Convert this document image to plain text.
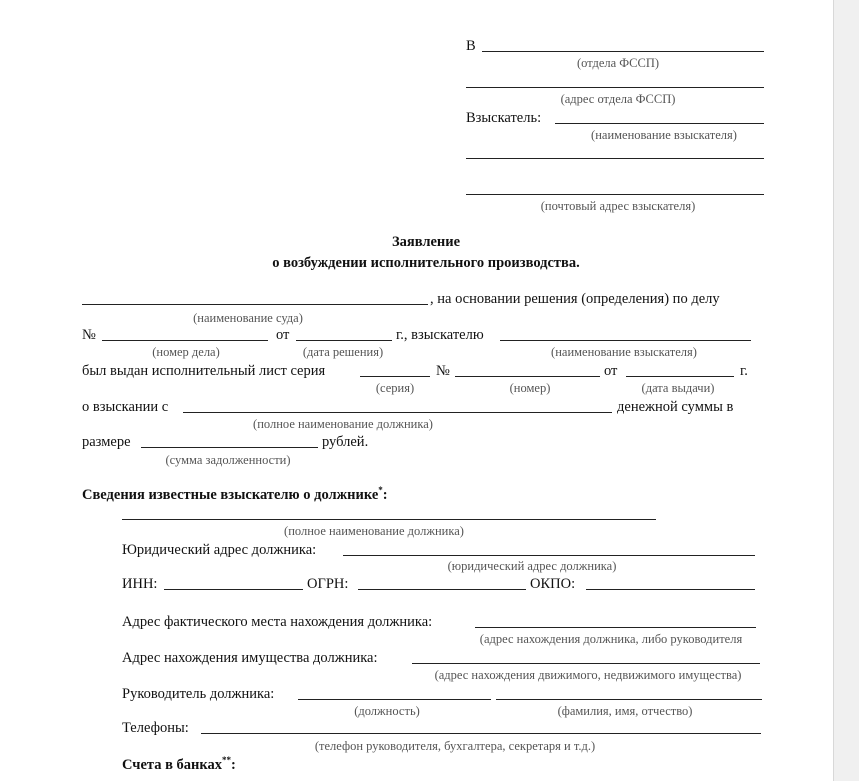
В
(отдела ФССП)
(адрес отдела ФССП)
Взыскатель:
(наименование взыскателя)
(почтовый адрес взыскателя)
Заявление
о возбуждении исполнительного производства.
, на основании решения (определения) по делу
(наименование суда)
№	от	г., взыскателю
(номер дела)	(дата решения)	(наименование взыскателя)
был выдан исполнительный лист серия	№	от	г.
(серия)	(номер)	(дата выдачи)
о взыскании с	денежной суммы в
(полное наименование должника)
размере	рублей.
(сумма задолженности)
Сведения известные взыскателю о должнике*:
(полное наименование должника)
Юридический адрес должника:
(юридический адрес должника)
ИНН:	ОГРН:	ОКПО:
Адрес фактического места нахождения должника:
(адрес нахождения должника, либо руководителя
Адрес нахождения имущества должника:
(адрес нахождения движимого, недвижимого имущества)
Руководитель должника:
(должность)	(фамилия, имя, отчество)
Телефоны:
(телефон руководителя, бухгалтера, секретаря и т.д.)
Счета в банках**:
